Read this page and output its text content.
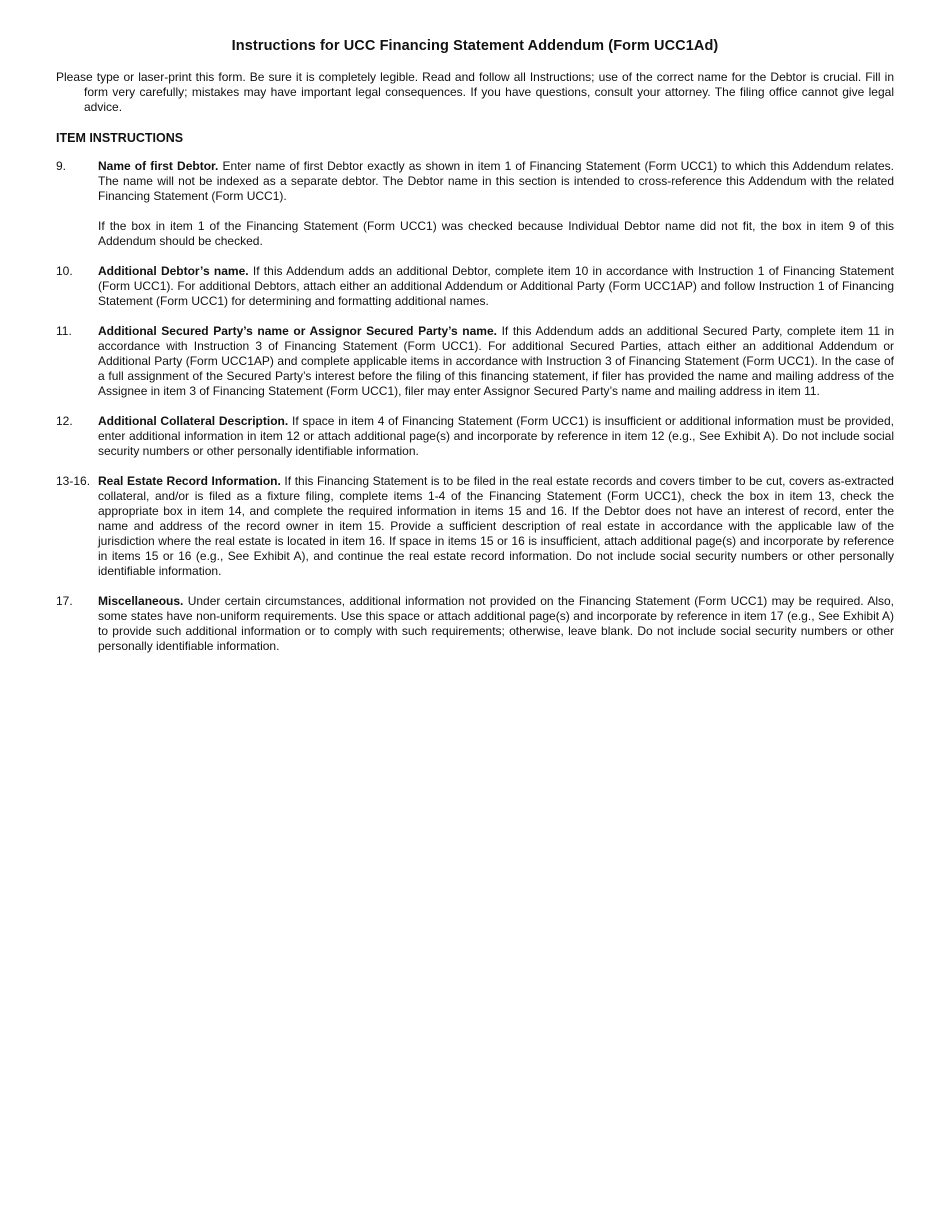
Instructions for UCC Financing Statement Addendum (Form UCC1Ad)
Please type or laser-print this form. Be sure it is completely legible. Read and follow all Instructions; use of the correct name for the Debtor is crucial. Fill in form very carefully; mistakes may have important legal consequences. If you have questions, consult your attorney. The filing office cannot give legal advice.
ITEM INSTRUCTIONS
9.	Name of first Debtor. Enter name of first Debtor exactly as shown in item 1 of Financing Statement (Form UCC1) to which this Addendum relates. The name will not be indexed as a separate debtor. The Debtor name in this section is intended to cross-reference this Addendum with the related Financing Statement (Form UCC1).

If the box in item 1 of the Financing Statement (Form UCC1) was checked because Individual Debtor name did not fit, the box in item 9 of this Addendum should be checked.

10.	Additional Debtor’s name. If this Addendum adds an additional Debtor, complete item 10 in accordance with Instruction 1 of Financing Statement (Form UCC1). For additional Debtors, attach either an additional Addendum or Additional Party (Form UCC1AP) and follow Instruction 1 of Financing Statement (Form UCC1) for determining and formatting additional names.

11.	Additional Secured Party’s name or Assignor Secured Party’s name. If this Addendum adds an additional Secured Party, complete item 11 in accordance with Instruction 3 of Financing Statement (Form UCC1). For additional Secured Parties, attach either an additional Addendum or Additional Party (Form UCC1AP) and complete applicable items in accordance with Instruction 3 of Financing Statement (Form UCC1). In the case of a full assignment of the Secured Party’s interest before the filing of this financing statement, if filer has provided the name and mailing address of the Assignee in item 3 of Financing Statement (Form UCC1), filer may enter Assignor Secured Party’s name and mailing address in item 11.

12.	Additional Collateral Description. If space in item 4 of Financing Statement (Form UCC1) is insufficient or additional information must be provided, enter additional information in item 12 or attach additional page(s) and incorporate by reference in item 12 (e.g., See Exhibit A). Do not include social security numbers or other personally identifiable information.

13-16. Real Estate Record Information. If this Financing Statement is to be filed in the real estate records and covers timber to be cut, covers as-extracted collateral, and/or is filed as a fixture filing, complete items 1-4 of the Financing Statement (Form UCC1), check the box in item 13, check the appropriate box in item 14, and complete the required information in items 15 and 16. If the Debtor does not have an interest of record, enter the name and address of the record owner in item 15. Provide a sufficient description of real estate in accordance with the applicable law of the jurisdiction where the real estate is located in item 16. If space in items 15 or 16 is insufficient, attach additional page(s) and incorporate by reference in items 15 or 16 (e.g., See Exhibit A), and continue the real estate record information. Do not include social security numbers or other personally identifiable information.

17.	Miscellaneous. Under certain circumstances, additional information not provided on the Financing Statement (Form UCC1) may be required. Also, some states have non-uniform requirements. Use this space or attach additional page(s) and incorporate by reference in item 17 (e.g., See Exhibit A) to provide such additional information or to comply with such requirements; otherwise, leave blank. Do not include social security numbers or other personally identifiable information.
